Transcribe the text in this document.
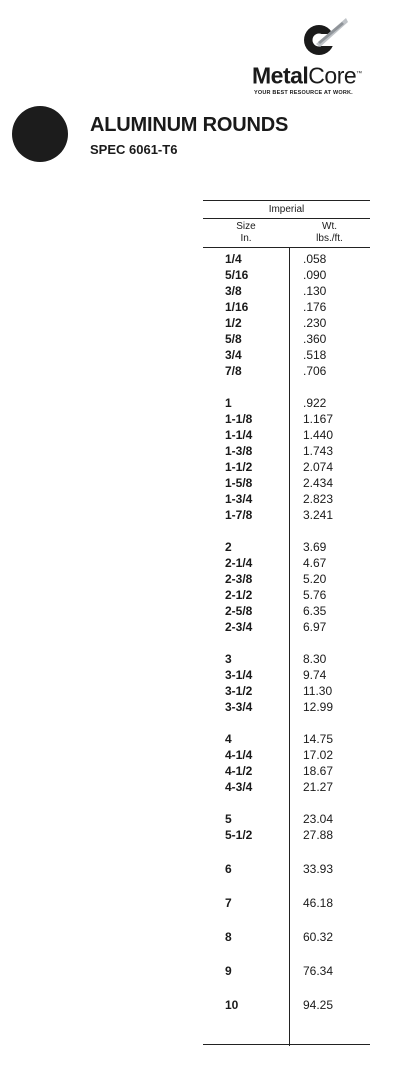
MetalCore™
YOUR BEST RESOURCE AT WORK.
ALUMINUM ROUNDS
SPEC 6061-T6
Imperial
Size
In.
Wt.
lbs./ft.
1/4	.058
5/16	.090
3/8	.130
1/16	.176
1/2	.230
5/8	.360
3/4	.518
7/8	.706
1	.922
1-1/8	1.167
1-1/4	1.440
1-3/8	1.743
1-1/2	2.074
1-5/8	2.434
1-3/4	2.823
1-7/8	3.241
2	3.69
2-1/4	4.67
2-3/8	5.20
2-1/2	5.76
2-5/8	6.35
2-3/4	6.97
3	8.30
3-1/4	9.74
3-1/2	11.30
3-3/4	12.99
4	14.75
4-1/4	17.02
4-1/2	18.67
4-3/4	21.27
5	23.04
5-1/2	27.88
6	33.93
7	46.18
8	60.32
9	76.34
10	94.25
